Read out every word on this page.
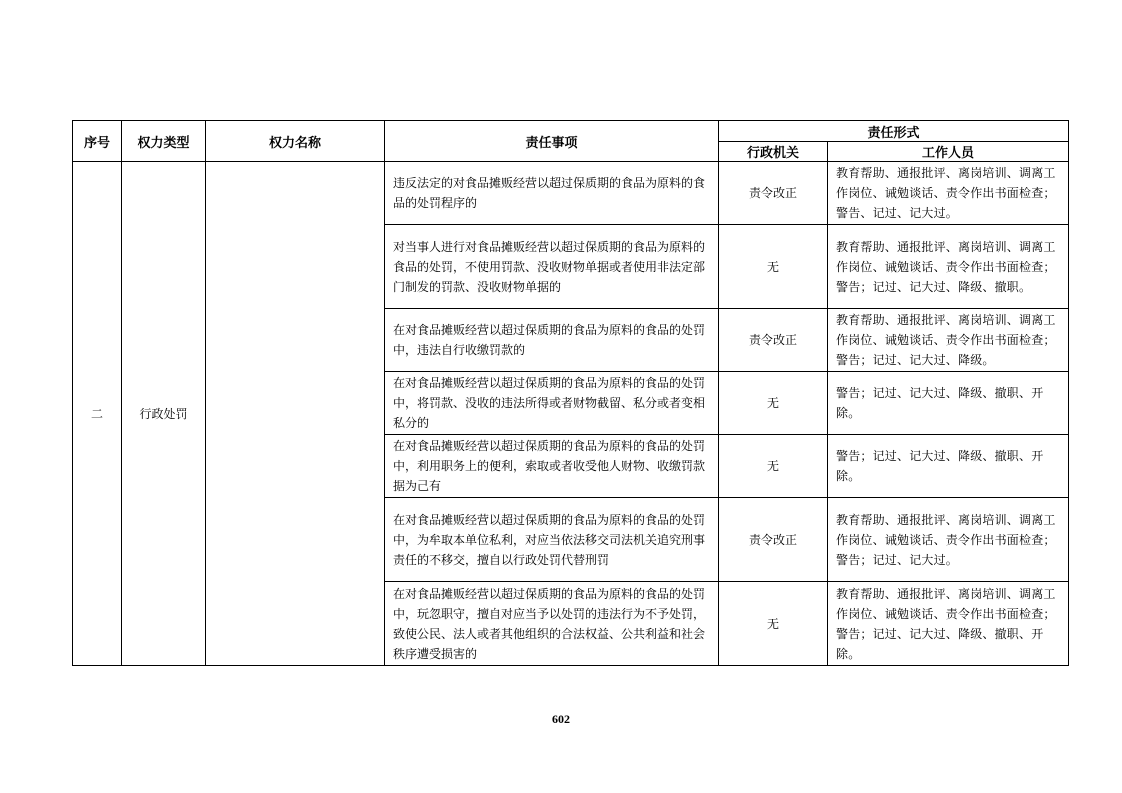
序号	权力类型	权力名称	责任事项	责任形式	
				行政机关	工作人员
二	行政处罚		违反法定的对食品摊贩经营以超过保质期的食品为原料的食品的处罚程序的	责令改正	教育帮助、通报批评、离岗培训、调离工作岗位、诫勉谈话、责令作出书面检查；警告、记过、记大过。
			对当事人进行对食品摊贩经营以超过保质期的食品为原料的食品的处罚，不使用罚款、没收财物单据或者使用非法定部门制发的罚款、没收财物单据的	无	教育帮助、通报批评、离岗培训、调离工作岗位、诫勉谈话、责令作出书面检查；警告；记过、记大过、降级、撤职。
			在对食品摊贩经营以超过保质期的食品为原料的食品的处罚中，违法自行收缴罚款的	责令改正	教育帮助、通报批评、离岗培训、调离工作岗位、诫勉谈话、责令作出书面检查；警告；记过、记大过、降级。
			在对食品摊贩经营以超过保质期的食品为原料的食品的处罚中，将罚款、没收的违法所得或者财物截留、私分或者变相私分的	无	警告；记过、记大过、降级、撤职、开除。
			在对食品摊贩经营以超过保质期的食品为原料的食品的处罚中，利用职务上的便利，索取或者收受他人财物、收缴罚款据为己有	无	警告；记过、记大过、降级、撤职、开除。
			在对食品摊贩经营以超过保质期的食品为原料的食品的处罚中，为牟取本单位私利，对应当依法移交司法机关追究刑事责任的不移交，擅自以行政处罚代替刑罚	责令改正	教育帮助、通报批评、离岗培训、调离工作岗位、诫勉谈话、责令作出书面检查；警告；记过、记大过。
			在对食品摊贩经营以超过保质期的食品为原料的食品的处罚中，玩忽职守，擅自对应当予以处罚的违法行为不予处罚，致使公民、法人或者其他组织的合法权益、公共利益和社会秩序遭受损害的	无	教育帮助、通报批评、离岗培训、调离工作岗位、诫勉谈话、责令作出书面检查；警告；记过、记大过、降级、撤职、开除。
602
